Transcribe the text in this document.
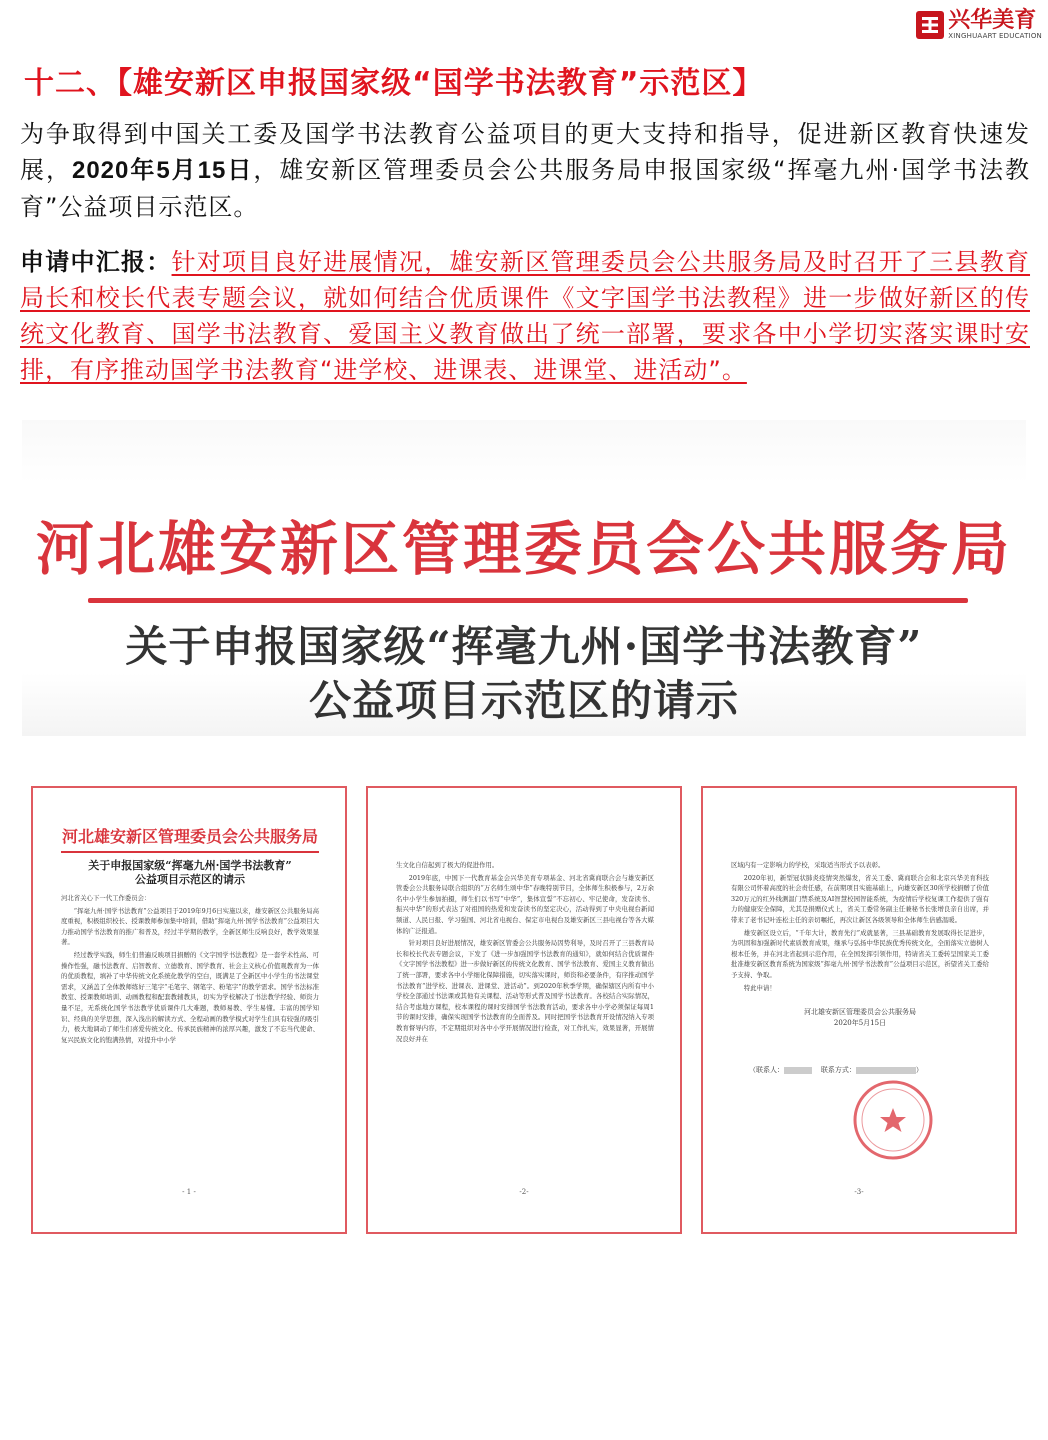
兴华美育
XINGHUAART EDUCATION
十二、【雄安新区申报国家级“国学书法教育”示范区】

为争取得到中国关工委及国学书法教育公益项目的更大支持和指导，促进新区教育快速发展，2020年5月15日，雄安新区管理委员会公共服务局申报国家级“挥毫九州·国学书法教育”公益项目示范区。

申请中汇报：针对项目良好进展情况，雄安新区管理委员会公共服务局及时召开了三县教育局长和校长代表专题会议，就如何结合优质课件《文字国学书法教程》进一步做好新区的传统文化教育、国学书法教育、爱国主义教育做出了统一部署，要求各中小学切实落实课时安排，有序推动国学书法教育“进学校、进课表、进课堂、进活动”。

河北雄安新区管理委员会公共服务局
关于申报国家级“挥毫九州·国学书法教育”
公益项目示范区的请示
河北雄安新区管理委员会公共服务局
关于申报国家级“挥毫九州·国学书法教育”
公益项目示范区的请示
河北省关心下一代工作委员会：
“挥毫九州·国学书法教育”公益项目于2019年9月6日实施以来，雄安新区公共服务局高度重视，积极组织校长、授课教师参加集中培训，借助“挥毫九州·国学书法教育”公益项目大力推动国学书法教育的推广和普及，经过半学期的教学，全新区师生反响良好，教学效果显著。
经过教学实践，师生们普遍反映项目捐赠的《文字国学书法教程》是一套学术性高、可操作性强，融书法教育、启智教育、立德教育、国学教育、社会主义核心价值观教育为一体的优质教程，填补了中华传统文化系统化教学的空白，既满足了全新区中小学生的书法课堂需求，又涵盖了全体教师练好三笔字“毛笔字、钢笔字、粉笔字”的教学需求。国学书法标准教室、授课教师培训、动画教程和配套教辅教具，切实为学校解决了书法教学经验、师资力量不足，无系统化国学书法教学优质课件几大难题，教师易教、学生易懂。丰富的国学知识、经典的美学思想，深入浅出的解读方式、全程动画的教学模式对学生们具有较强的吸引力，极大地调动了师生们喜爱传统文化、传承民族精神的浓厚兴趣，激发了不忘当代使命、复兴民族文化的饱满热情，对提升中小学
- 1 -
生文化自信起到了极大的促进作用。
2019年底，中国下一代教育基金会兴华美育专项基金、河北省冀商联合会与雄安新区管委会公共服务局联合组织的“万名师生颂中华”春晚特别节目，全体师生积极参与，2万余名中小学生参加拍摄，师生们以书写“中华”，集体宣誓“不忘初心、牢记使命，发奋读书、振兴中华”的形式表达了对祖国的热爱和发奋读书的坚定决心，活动得到了中央电视台新闻频道、人民日报、学习强国、河北省电视台、保定市电视台及雄安新区三县电视台等各大媒体的广泛报道。
针对项目良好进展情况，雄安新区管委会公共服务局因势利导，及时召开了三县教育局长和校长代表专题会议，下发了《进一步加强国学书法教育的通知》，就如何结合优质课件《文字国学书法教程》进一步做好新区的传统文化教育、国学书法教育、爱国主义教育做出了统一部署，要求各中小学细化保障措施，切实落实课时，师资和必要条件，有序推动国学书法教育“进学校、进课表、进课堂、进活动”。到2020年秋季学期，确保辖区内所有中小学校全部通过书法课或其他有关课程、活动等形式普及国学书法教育。各校结合实际情况，结合考虑地方课程，校本课程的课时安排国学书法教育活动，要求各中小学必须保证每周1节的课时安排，确保实现国学书法教育的全面普及。同时把国学书法教育开设情况纳入专项教育督导内容，不定期组织对各中小学开展情况进行检查，对工作扎实，效果显著，开展情况良好并在
-2-
区域内有一定影响力的学校，采取适当形式予以表彰。
2020年初，新型冠状肺炎疫情突然爆发，省关工委、冀商联合会和北京兴华美育科技有限公司怀着高度的社会责任感，在前期项目实施基础上，向雄安新区30所学校捐赠了价值320万元的红外线测温门禁系统及AI智慧校园智能系统，为疫情后学校复课工作提供了强有力的健康安全保障，尤其是捐赠仪式上，省关工委常务副主任兼秘书长张增良亲自出席，并带来了老书记叶连松主任的亲切嘱托，再次让新区各级领导和全体师生倍感温暖。
雄安新区设立后，“千年大计，教育先行”成就显著，三县基础教育发展取得长足进步，为巩固和加强新时代素质教育成果，继承与弘扬中华民族优秀传统文化，全面落实立德树人根本任务，并在河北省起到示范作用，在全国发挥引领作用，特请省关工委转呈国家关工委批准雄安新区教育系统为国家级“挥毫九州·国学书法教育”公益项目示范区，祈望省关工委给予支持、争取。
特此申请！
河北雄安新区管理委员会公共服务局
2020年5月15日
（联系人：	联系方式：	）
-3-
